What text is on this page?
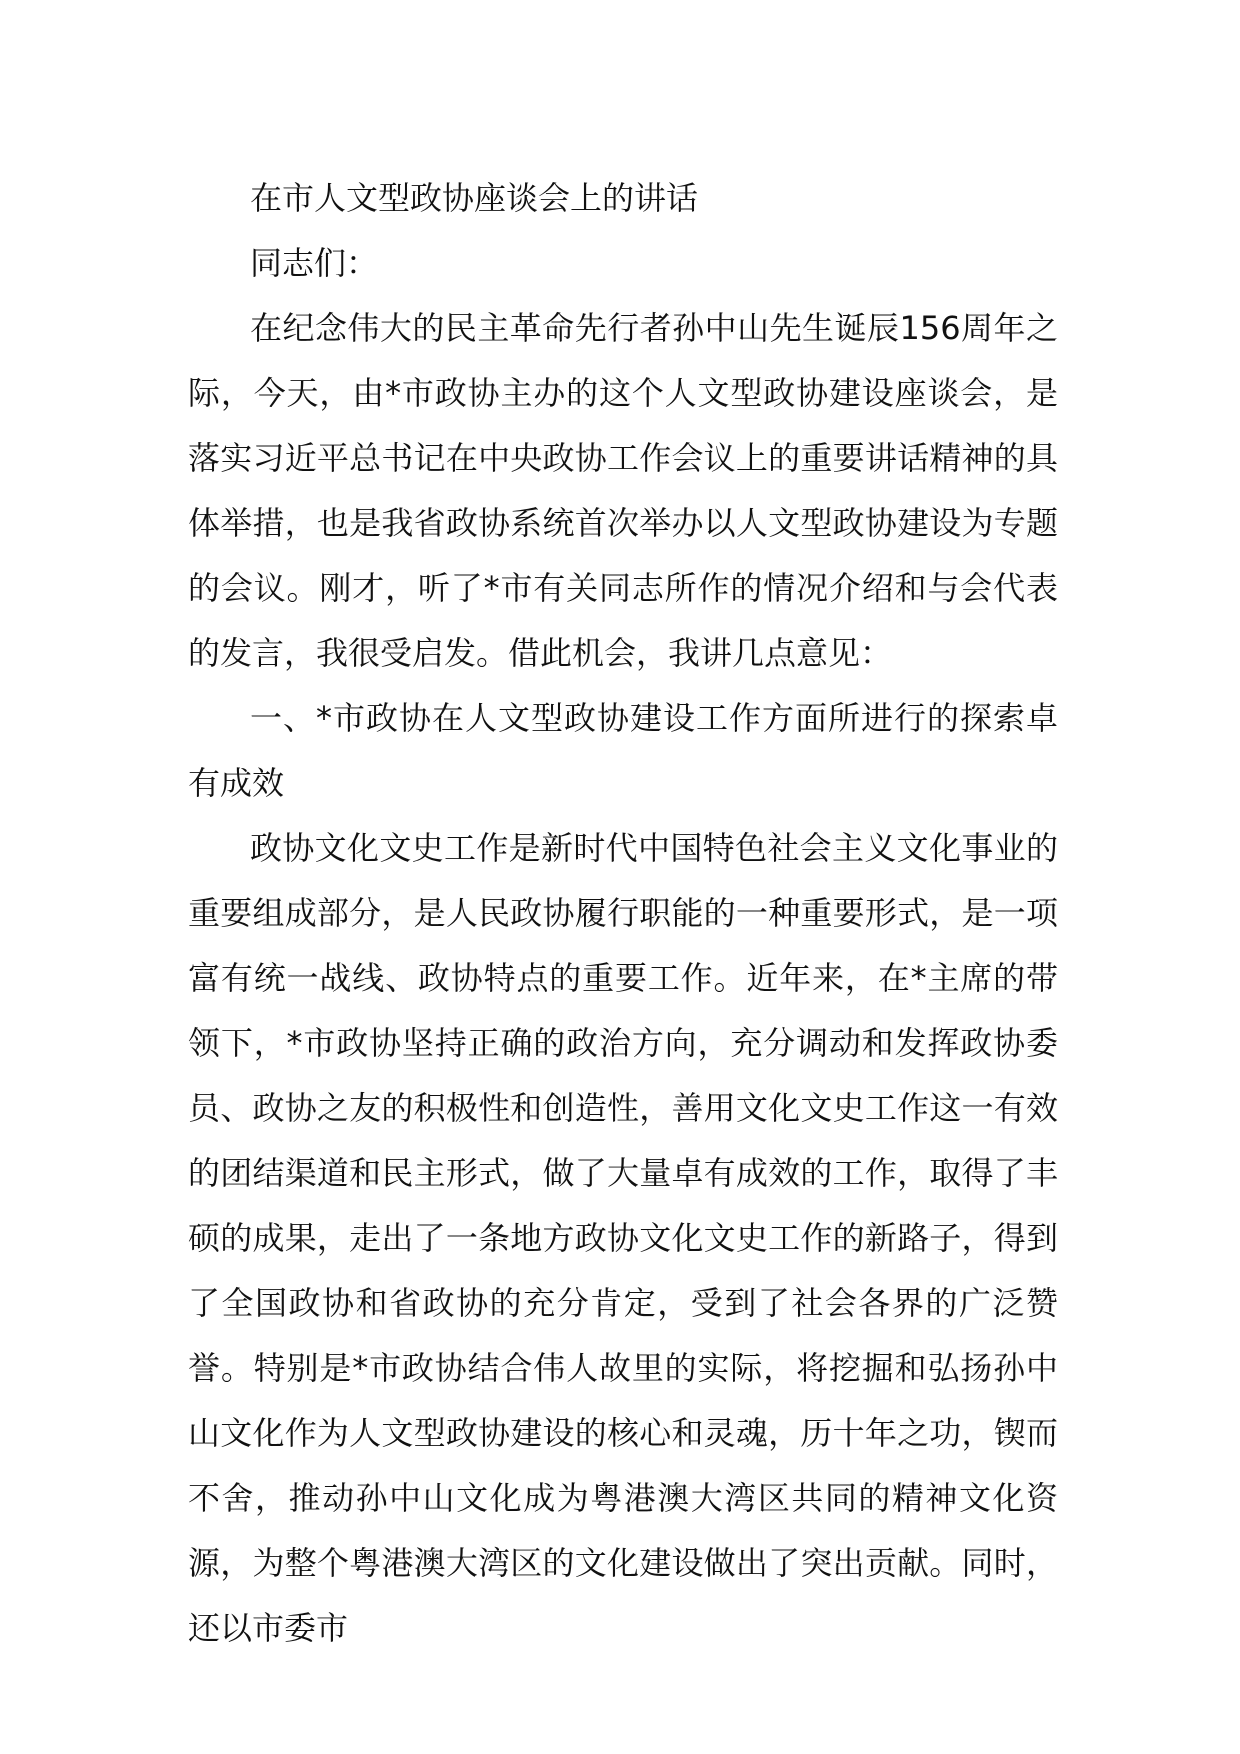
在市人文型政协座谈会上的讲话

同志们：

在纪念伟大的民主革命先行者孙中山先生诞辰156周年之际，今天，由*市政协主办的这个人文型政协建设座谈会，是落实习近平总书记在中央政协工作会议上的重要讲话精神的具体举措，也是我省政协系统首次举办以人文型政协建设为专题的会议。刚才，听了*市有关同志所作的情况介绍和与会代表的发言，我很受启发。借此机会，我讲几点意见：

一、*市政协在人文型政协建设工作方面所进行的探索卓有成效

政协文化文史工作是新时代中国特色社会主义文化事业的重要组成部分，是人民政协履行职能的一种重要形式，是一项富有统一战线、政协特点的重要工作。近年来，在*主席的带领下，*市政协坚持正确的政治方向，充分调动和发挥政协委员、政协之友的积极性和创造性，善用文化文史工作这一有效的团结渠道和民主形式，做了大量卓有成效的工作，取得了丰硕的成果，走出了一条地方政协文化文史工作的新路子，得到了全国政协和省政协的充分肯定，受到了社会各界的广泛赞誉。特别是*市政协结合伟人故里的实际，将挖掘和弘扬孙中山文化作为人文型政协建设的核心和灵魂，历十年之功，锲而不舍，推动孙中山文化成为粤港澳大湾区共同的精神文化资源，为整个粤港澳大湾区的文化建设做出了突出贡献。同时，还以市委市
